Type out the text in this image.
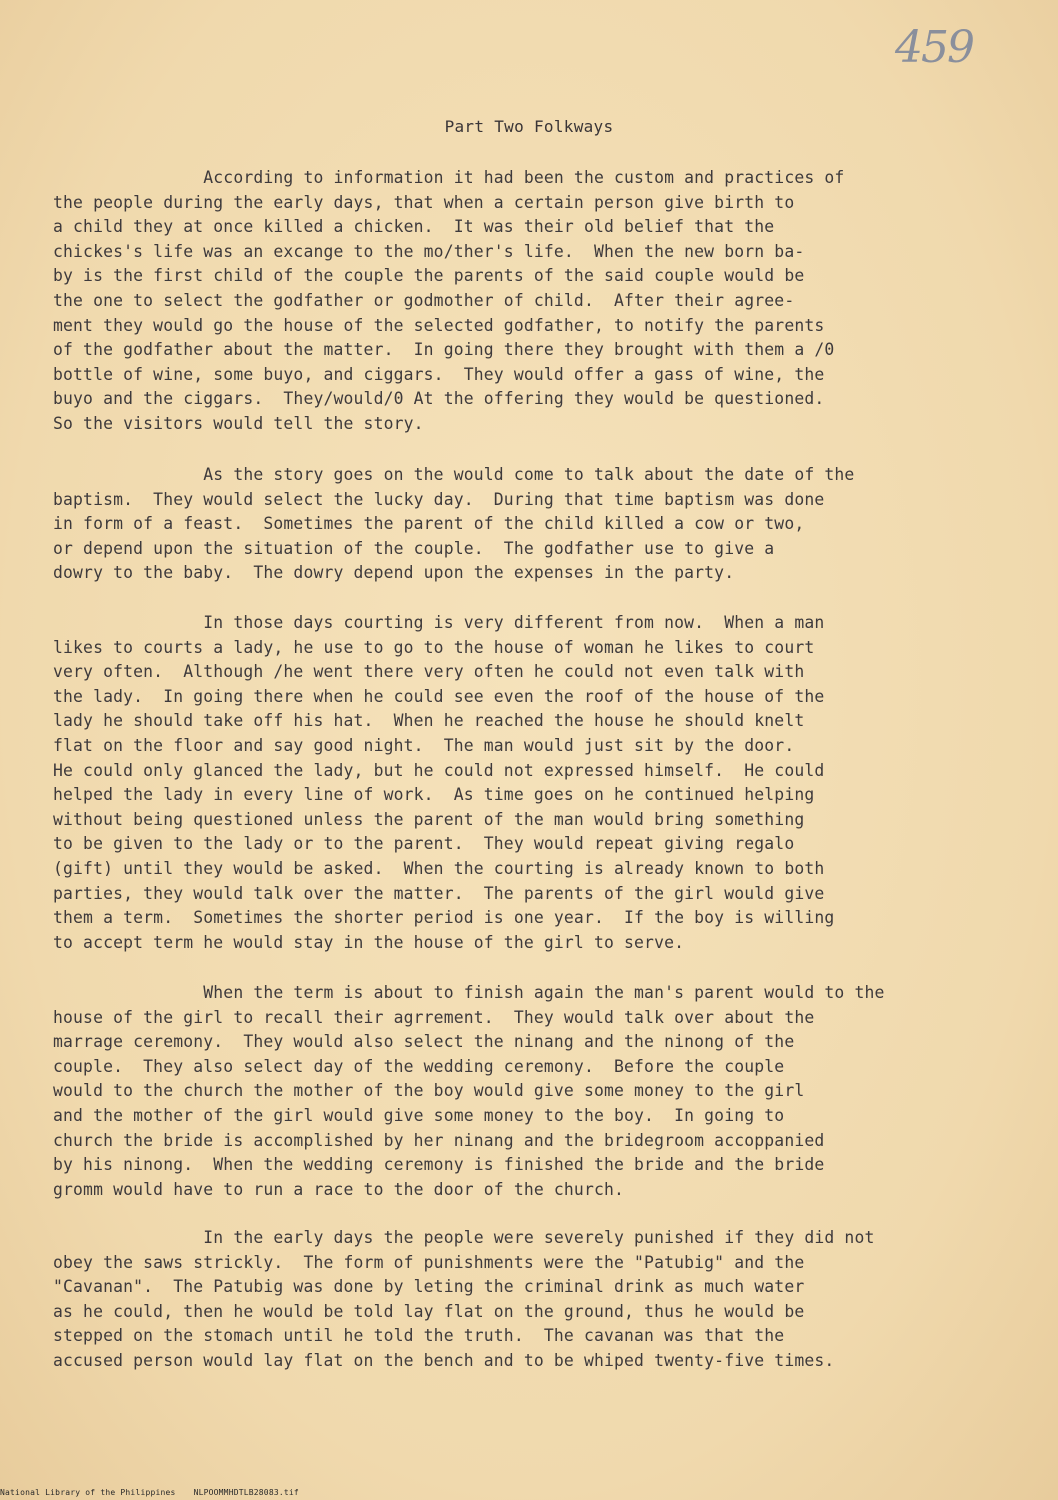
459
Part Two Folkways
According to information it had been the custom and practices of
the people during the early days, that when a certain person give birth to
a child they at once killed a chicken.  It was their old belief that the
chickes's life was an excange to the mo/ther's life.  When the new born ba-
by is the first child of the couple the parents of the said couple would be
the one to select the godfather or godmother of child.  After their agree-
ment they would go the house of the selected godfather, to notify the parents
of the godfather about the matter.  In going there they brought with them a /0
bottle of wine, some buyo, and ciggars.  They would offer a gass of wine, the
buyo and the ciggars.  They/would/0 At the offering they would be questioned.
So the visitors would tell the story.
As the story goes on the would come to talk about the date of the
baptism.  They would select the lucky day.  During that time baptism was done
in form of a feast.  Sometimes the parent of the child killed a cow or two,
or depend upon the situation of the couple.  The godfather use to give a
dowry to the baby.  The dowry depend upon the expenses in the party.
In those days courting is very different from now.  When a man
likes to courts a lady, he use to go to the house of woman he likes to court
very often.  Although /he went there very often he could not even talk with
the lady.  In going there when he could see even the roof of the house of the
lady he should take off his hat.  When he reached the house he should knelt
flat on the floor and say good night.  The man would just sit by the door.
He could only glanced the lady, but he could not expressed himself.  He could
helped the lady in every line of work.  As time goes on he continued helping
without being questioned unless the parent of the man would bring something
to be given to the lady or to the parent.  They would repeat giving regalo
(gift) until they would be asked.  When the courting is already known to both
parties, they would talk over the matter.  The parents of the girl would give
them a term.  Sometimes the shorter period is one year.  If the boy is willing
to accept term he would stay in the house of the girl to serve.
When the term is about to finish again the man's parent would to the
house of the girl to recall their agrrement.  They would talk over about the
marrage ceremony.  They would also select the ninang and the ninong of the
couple.  They also select day of the wedding ceremony.  Before the couple
would to the church the mother of the boy would give some money to the girl
and the mother of the girl would give some money to the boy.  In going to
church the bride is accomplished by her ninang and the bridegroom accoppanied
by his ninong.  When the wedding ceremony is finished the bride and the bride
gromm would have to run a race to the door of the church.
In the early days the people were severely punished if they did not
obey the saws strickly.  The form of punishments were the "Patubig" and the
"Cavanan".  The Patubig was done by leting the criminal drink as much water
as he could, then he would be told lay flat on the ground, thus he would be
stepped on the stomach until he told the truth.  The cavanan was that the
accused person would lay flat on the bench and to be whiped twenty-five times.
National Library of the Philippines NLPOOMMHDTLB28083.tif
